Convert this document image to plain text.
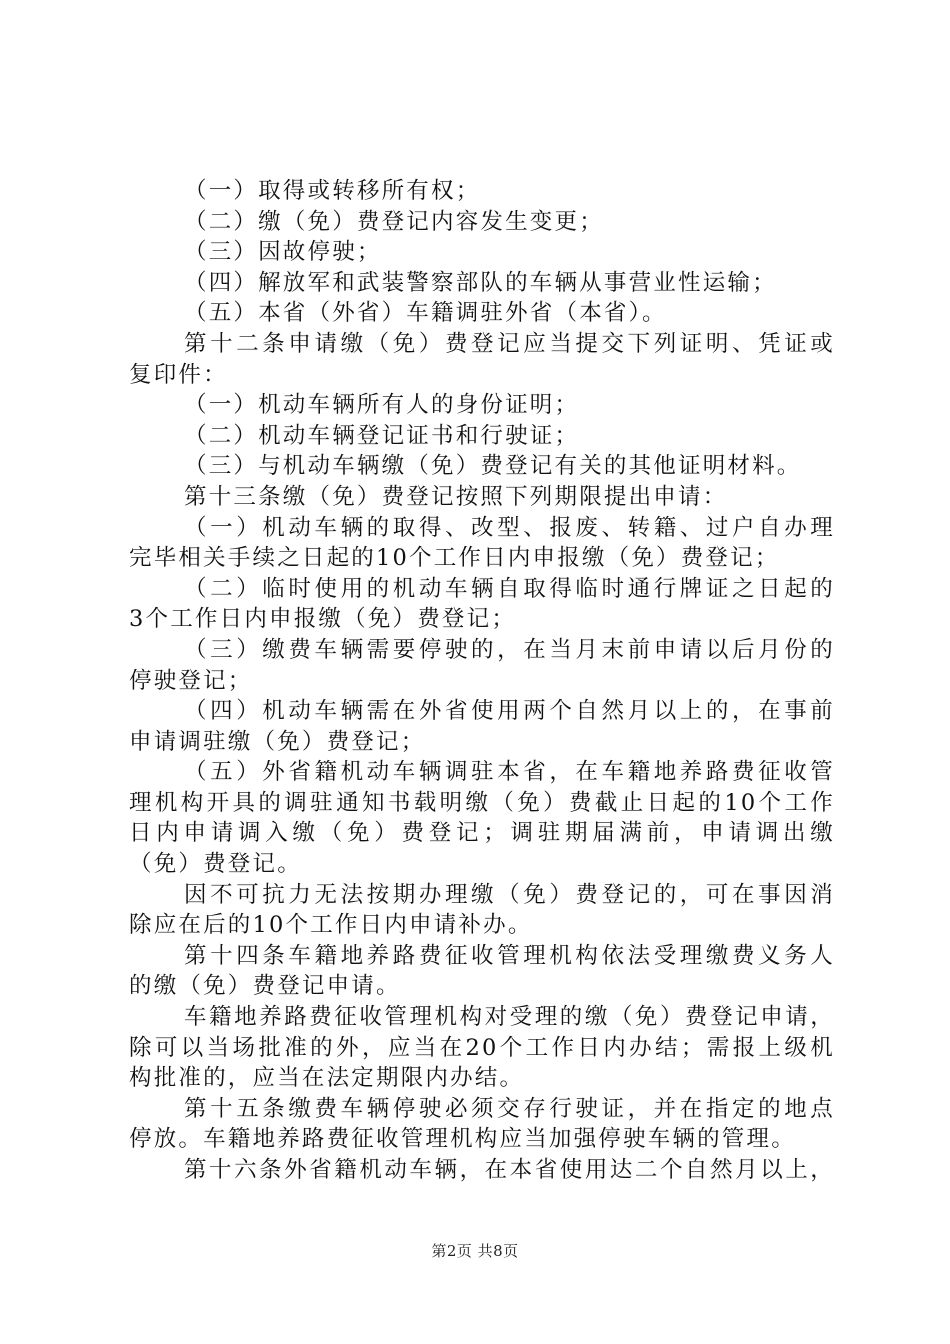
（一）取得或转移所有权；
（二）缴（免）费登记内容发生变更；
（三）因故停驶；
（四）解放军和武装警察部队的车辆从事营业性运输；
（五）本省（外省）车籍调驻外省（本省）。
第十二条申请缴（免）费登记应当提交下列证明、凭证或
复印件：
（一）机动车辆所有人的身份证明；
（二）机动车辆登记证书和行驶证；
（三）与机动车辆缴（免）费登记有关的其他证明材料。
第十三条缴（免）费登记按照下列期限提出申请：
（一）机动车辆的取得、改型、报废、转籍、过户自办理
完毕相关手续之日起的10个工作日内申报缴（免）费登记；
（二）临时使用的机动车辆自取得临时通行牌证之日起的
3个工作日内申报缴（免）费登记；
（三）缴费车辆需要停驶的，在当月末前申请以后月份的
停驶登记；
（四）机动车辆需在外省使用两个自然月以上的，在事前
申请调驻缴（免）费登记；
（五）外省籍机动车辆调驻本省，在车籍地养路费征收管
理机构开具的调驻通知书载明缴（免）费截止日起的10个工作
日内申请调入缴（免）费登记；调驻期届满前，申请调出缴
（免）费登记。
因不可抗力无法按期办理缴（免）费登记的，可在事因消
除应在后的10个工作日内申请补办。
第十四条车籍地养路费征收管理机构依法受理缴费义务人
的缴（免）费登记申请。
车籍地养路费征收管理机构对受理的缴（免）费登记申请，
除可以当场批准的外，应当在20个工作日内办结；需报上级机
构批准的，应当在法定期限内办结。
第十五条缴费车辆停驶必须交存行驶证，并在指定的地点
停放。车籍地养路费征收管理机构应当加强停驶车辆的管理。
第十六条外省籍机动车辆，在本省使用达二个自然月以上，
第2页 共8页
